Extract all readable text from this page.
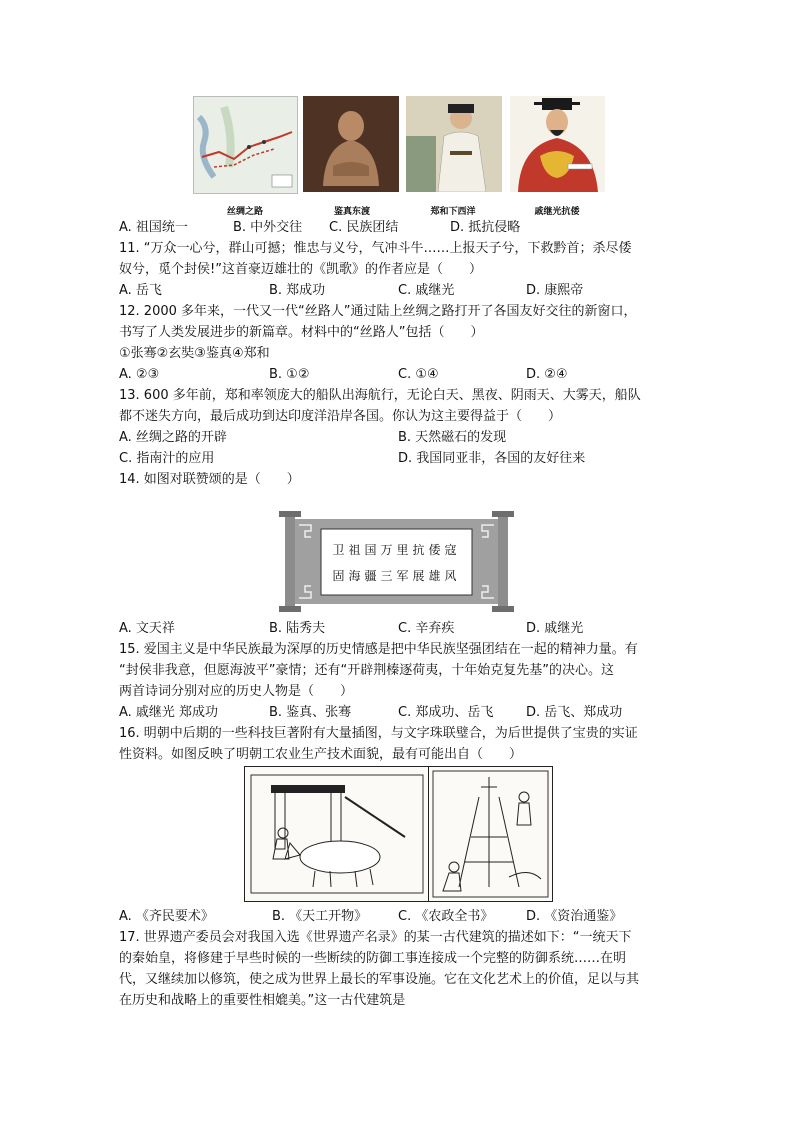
丝绸之路	鉴真东渡	郑和下西洋	戚继光抗倭
A. 祖国统一	B. 中外交往 C. 民族团结	D. 抵抗侵略
11. “万众一心兮，群山可撼；惟忠与义兮，气冲斗牛……上报天子兮，下救黔首；杀尽倭
奴兮，觅个封侯!”这首豪迈雄壮的《凯歌》的作者应是（　　）
A. 岳飞	B. 郑成功	C. 戚继光	D. 康熙帝
12. 2000 多年来，一代又一代“丝路人”通过陆上丝绸之路打开了各国友好交往的新窗口，
书写了人类发展进步的新篇章。材料中的“丝路人”包括（　　）
①张骞②玄奘③鉴真④郑和
A. ②③	B. ①②	C. ①④	D. ②④
13. 600 多年前，郑和率领庞大的船队出海航行，无论白天、黑夜、阴雨天、大雾天，船队
都不迷失方向，最后成功到达印度洋沿岸各国。你认为这主要得益于（　　）
A. 丝绸之路的开辟	B. 天然磁石的发现
C. 指南汁的应用	D. 我国同亚非，各国的友好往来
14. 如图对联赞颂的是（　　）
卫祖国万里抗倭寇
固海疆三军展雄风
A. 文天祥	B. 陆秀夫	C. 辛弃疾	D. 戚继光
15. 爱国主义是中华民族最为深厚的历史情感是把中华民族坚强团结在一起的精神力量。有
“封侯非我意，但愿海波平”豪情；还有“开辟荆榛逐荷夷，十年始克复先基”的决心。这
两首诗词分别对应的历史人物是（　　）
A. 戚继光 郑成功	B. 鉴真、张骞	C. 郑成功、岳飞	D. 岳飞、郑成功
16. 明朝中后期的一些科技巨著附有大量插图，与文字珠联璧合，为后世提供了宝贵的实证
性资料。如图反映了明朝工农业生产技术面貌，最有可能出自（　　）
A. 《齐民要术》	B. 《天工开物》 C. 《农政全书》	D. 《资治通鉴》
17. 世界遗产委员会对我国入选《世界遗产名录》的某一古代建筑的描述如下：“一统天下
的秦始皇，将修建于早些时候的一些断续的防御工事连接成一个完整的防御系统……在明
代，又继续加以修筑，使之成为世界上最长的军事设施。它在文化艺术上的价值，足以与其
在历史和战略上的重要性相媲美。”这一古代建筑是
